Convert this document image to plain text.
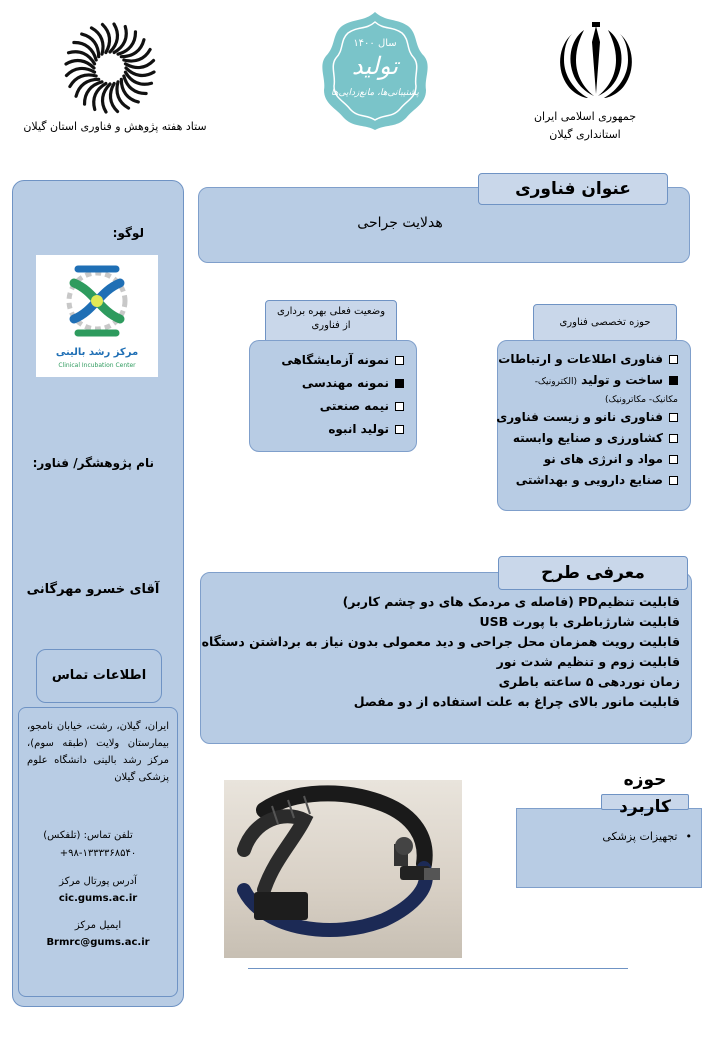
ستاد هفته پژوهش و فناوری استان گیلان
سال ۱۴۰۰
تولید
پشتیبانی‌ها، مانع‌زدایی‌ها
جمهوری اسلامی ایران
استانداری گیلان
لوگو:
مرکز رشد بالینی
Clinical Incubation Center
نام پژوهشگر/ فناور:
آقای خسرو مهرگانی
اطلاعات تماس
ایران، گیلان، رشت، خیابان نامجو، بیمارستان ولایت (طبقه سوم)، مرکز رشد بالینی دانشگاه علوم پزشکی گیلان
تلفن تماس: (تلفکس)
+۹۸-۱۳۳۳۳۶۸۵۴۰
آدرس پورتال مرکز
cic.gums.ac.ir
ایمیل مرکز
Brmrc@gums.ac.ir
عنوان فناوری
هدلایت جراحی
وضعیت فعلی بهره برداری
از فناوری
نمونه آزمایشگاهی
نمونه مهندسی
نیمه صنعتی
تولید انبوه
حوزه تخصصی فناوری
فناوری اطلاعات و ارتباطات
ساخت و تولید (الکترونیک-
مکانیک- مکاترونیک)
فناوری نانو و زیست فناوری
کشاورزی و صنایع وابسته
مواد و انرژی های نو
صنایع دارویی و بهداشتی
معرفی طرح
قابلیت تنظیمPD (فاصله ی مردمک های دو چشم کاربر)
قابلیت شارژباطری با پورت USB
قابلیت رویت همزمان محل جراحی و دید معمولی بدون نیاز به برداشتن دستگاه
قابلیت زوم و تنظیم شدت نور
زمان نوردهی ۵ ساعته باطری
قابلیت مانور بالای چراغ به علت استفاده از دو مفصل
حوزه
کاربرد
•تجهیزات پزشکی
